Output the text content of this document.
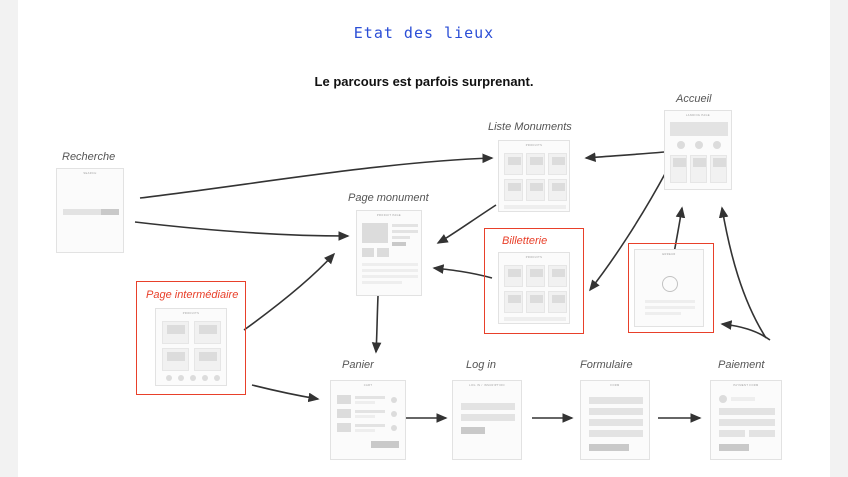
Etat des lieux
Le parcours est parfois surprenant.
Recherche
SEARCH
Liste Monuments
PRODUITS
Accueil
LANDING PAGE
Page monument
PRODUIT PAGE
Billetterie
PRODUITS
ERREUR
Page intermédiaire
PRODUITS
Panier
CART
Log in
LOG IN / INSCRIPTION
Formulaire
FORM
Paiement
PAYMENT FORM
